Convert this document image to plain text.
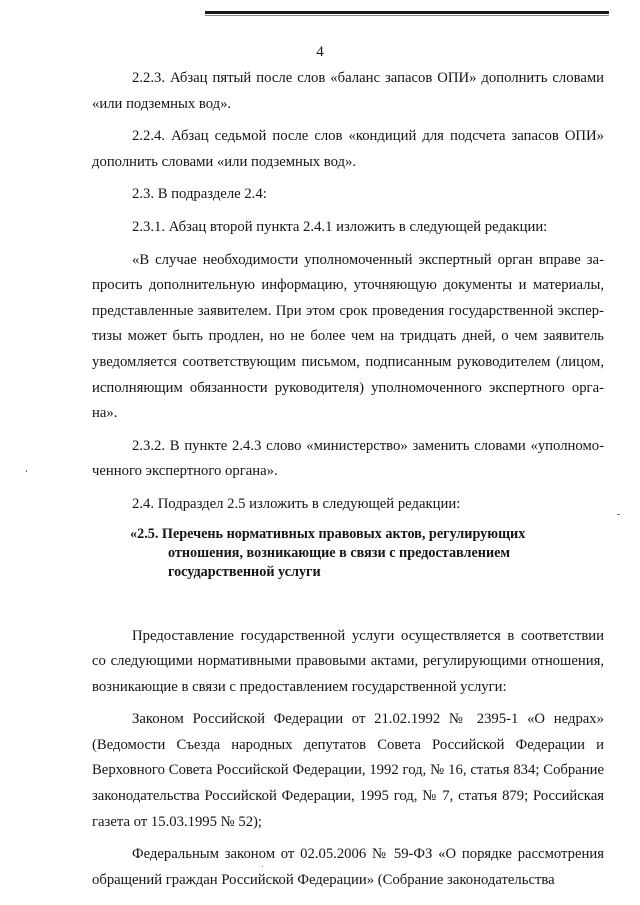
4

2.2.3. Абзац пятый после слов «баланс запасов ОПИ» дополнить словами «или подземных вод».

2.2.4. Абзац седьмой после слов «кондиций для подсчета запасов ОПИ» дополнить словами «или подземных вод».

2.3. В подразделе 2.4:

2.3.1. Абзац второй пункта 2.4.1 изложить в следующей редакции:

«В случае необходимости уполномоченный экспертный орган вправе запросить дополнительную информацию, уточняющую документы и материалы, представленные заявителем. При этом срок проведения государственной экспертизы может быть продлен, но не более чем на тридцать дней, о чем заявитель уведомляется соответствующим письмом, подписанным руководителем (лицом, исполняющим обязанности руководителя) уполномоченного экспертного органа».

2.3.2. В пункте 2.4.3 слово «министерство» заменить словами «уполномоченного экспертного органа».

2.4. Подраздел 2.5 изложить в следующей редакции:

«2.5. Перечень нормативных правовых актов, регулирующих
отношения, возникающие в связи с предоставлением
государственной услуги

Предоставление государственной услуги осуществляется в соответствии со следующими нормативными правовыми актами, регулирующими отношения, возникающие в связи с предоставлением государственной услуги:

Законом Российской Федерации от 21.02.1992 № 2395-1 «О недрах» (Ведомости Съезда народных депутатов Совета Российской Федерации и Верховного Совета Российской Федерации, 1992 год, № 16, статья 834; Собрание законодательства Российской Федерации, 1995 год, № 7, статья 879; Российская газета от 15.03.1995 № 52);

Федеральным законом от 02.05.2006 № 59-ФЗ «О порядке рассмотрения обращений граждан Российской Федерации» (Собрание законодательства
